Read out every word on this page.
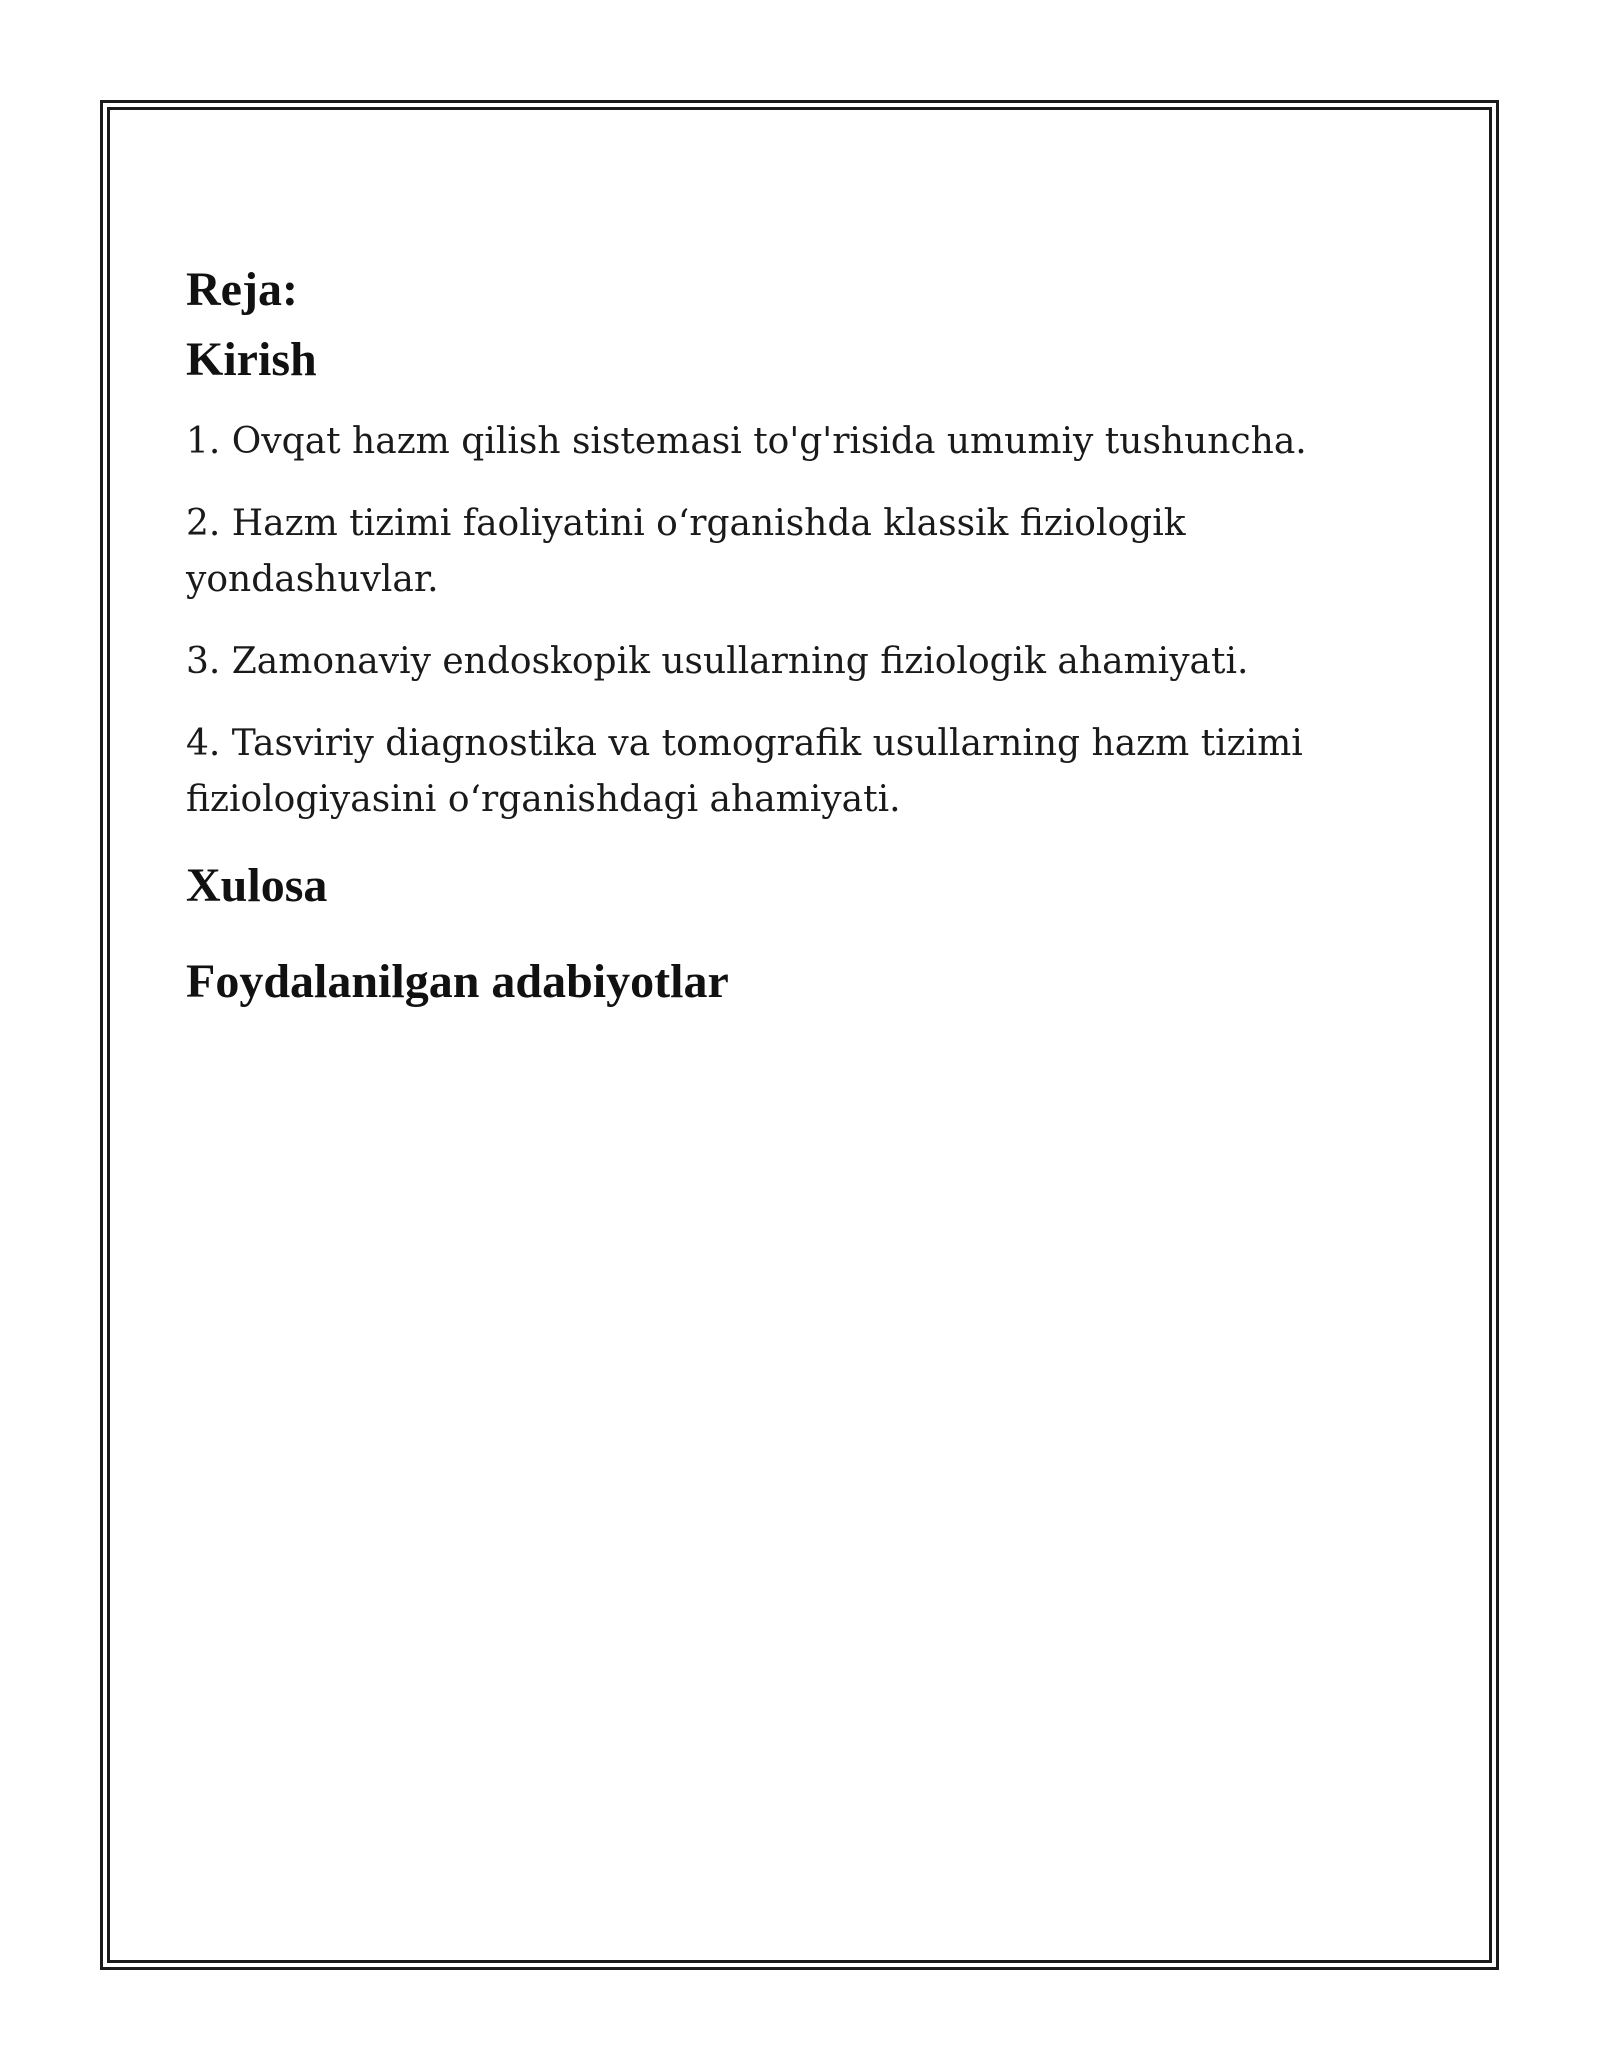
Reja:
Kirish
1. Ovqat hazm qilish sistemasi to'g'risida umumiy tushuncha.
2. Hazm tizimi faoliyatini o‘rganishda klassik fiziologik yondashuvlar.
3. Zamonaviy endoskopik usullarning fiziologik ahamiyati.
4. Tasviriy diagnostika va tomografik usullarning hazm tizimi fiziologiyasini o‘rganishdagi ahamiyati.
Xulosa
Foydalanilgan adabiyotlar
